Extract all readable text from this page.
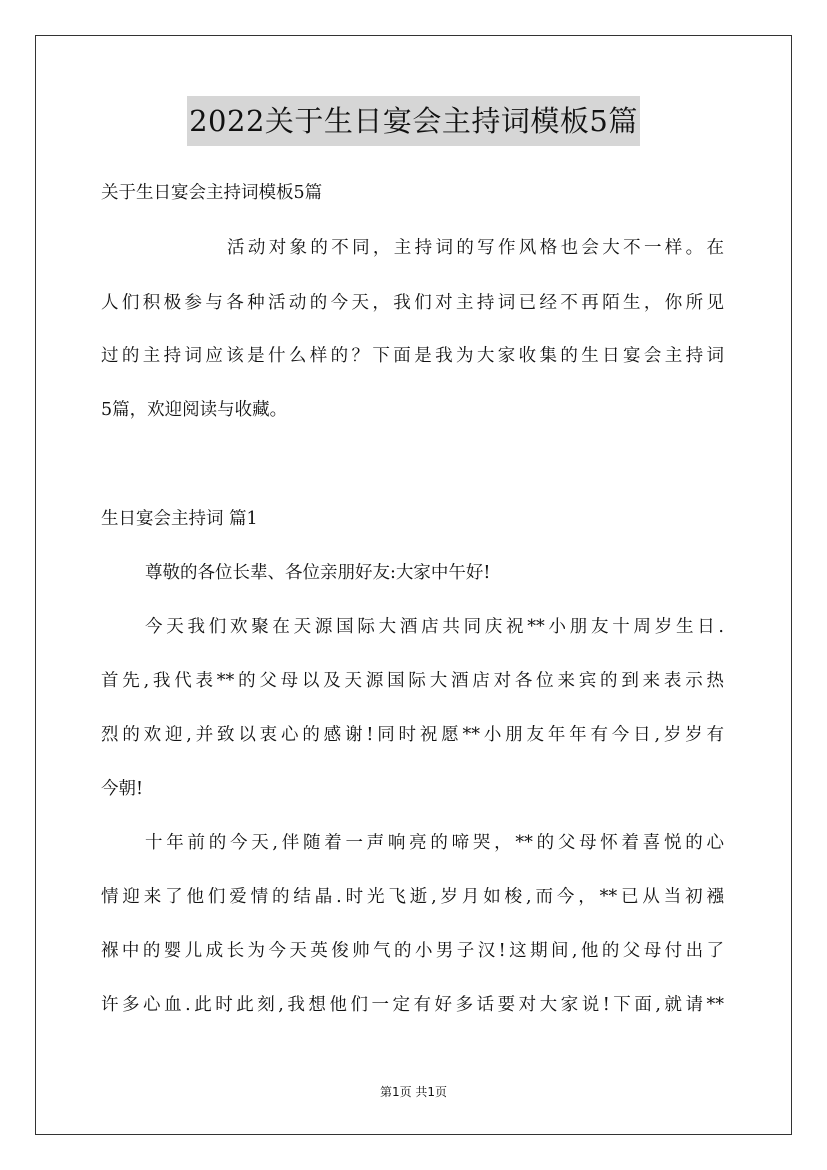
2022关于生日宴会主持词模板5篇
关于生日宴会主持词模板5篇
活动对象的不同，主持词的写作风格也会大不一样。在
人们积极参与各种活动的今天，我们对主持词已经不再陌生，你所见
过的主持词应该是什么样的？下面是我为大家收集的生日宴会主持词
5篇，欢迎阅读与收藏。
生日宴会主持词 篇1
尊敬的各位长辈、各位亲朋好友:大家中午好!
今天我们欢聚在天源国际大酒店共同庆祝**小朋友十周岁生日.
首先,我代表**的父母以及天源国际大酒店对各位来宾的到来表示热
烈的欢迎,并致以衷心的感谢!同时祝愿**小朋友年年有今日,岁岁有
今朝!
十年前的今天,伴随着一声响亮的啼哭，**的父母怀着喜悦的心
情迎来了他们爱情的结晶.时光飞逝,岁月如梭,而今，**已从当初襁
褓中的婴儿成长为今天英俊帅气的小男子汉!这期间,他的父母付出了
许多心血.此时此刻,我想他们一定有好多话要对大家说!下面,就请**
第1页 共1页
